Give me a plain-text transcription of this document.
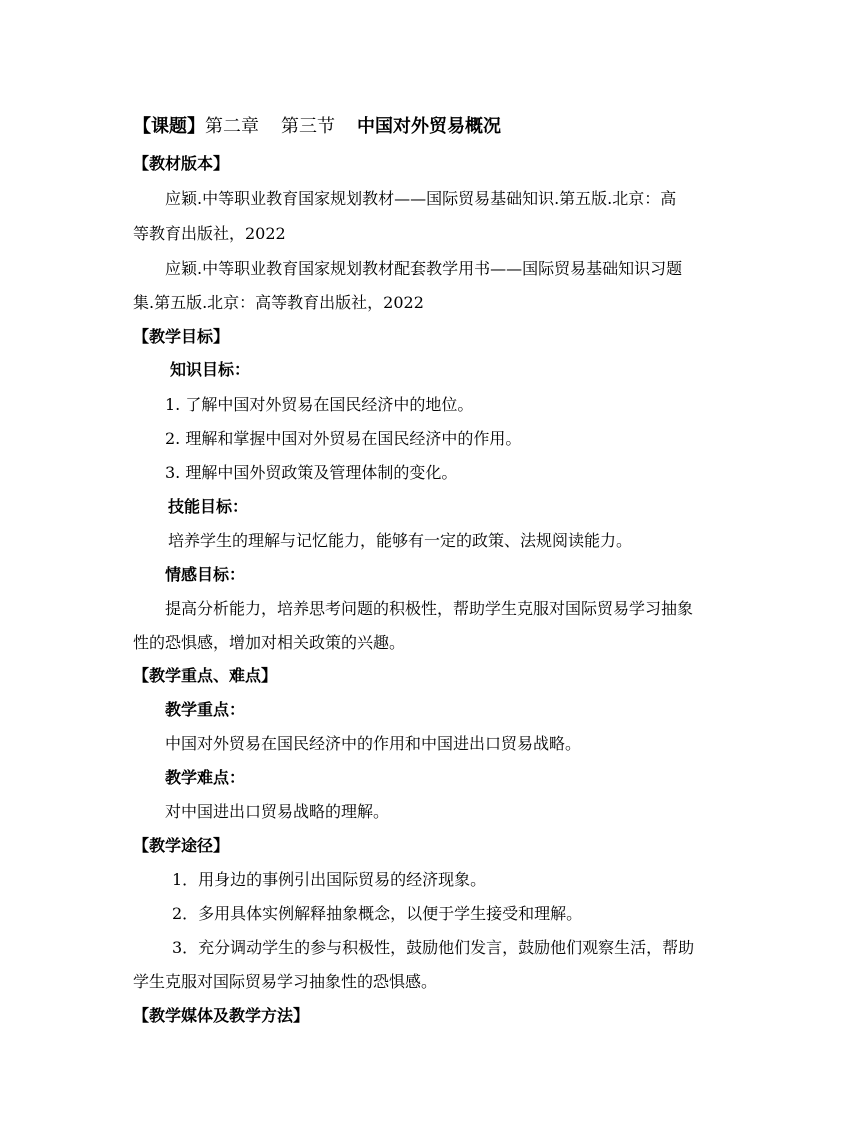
【课题】第二章 第三节 中国对外贸易概况
【教材版本】
应颖.中等职业教育国家规划教材——国际贸易基础知识.第五版.北京：高
等教育出版社，2022
应颖.中等职业教育国家规划教材配套教学用书——国际贸易基础知识习题
集.第五版.北京：高等教育出版社，2022
【教学目标】
知识目标：
1. 了解中国对外贸易在国民经济中的地位。
2. 理解和掌握中国对外贸易在国民经济中的作用。
3. 理解中国外贸政策及管理体制的变化。
技能目标：
培养学生的理解与记忆能力，能够有一定的政策、法规阅读能力。
情感目标：
提高分析能力，培养思考问题的积极性，帮助学生克服对国际贸易学习抽象
性的恐惧感，增加对相关政策的兴趣。
【教学重点、难点】
教学重点：
中国对外贸易在国民经济中的作用和中国进出口贸易战略。
教学难点：
对中国进出口贸易战略的理解。
【教学途径】
1．用身边的事例引出国际贸易的经济现象。
2．多用具体实例解释抽象概念，以便于学生接受和理解。
3．充分调动学生的参与积极性，鼓励他们发言，鼓励他们观察生活，帮助
学生克服对国际贸易学习抽象性的恐惧感。
【教学媒体及教学方法】
